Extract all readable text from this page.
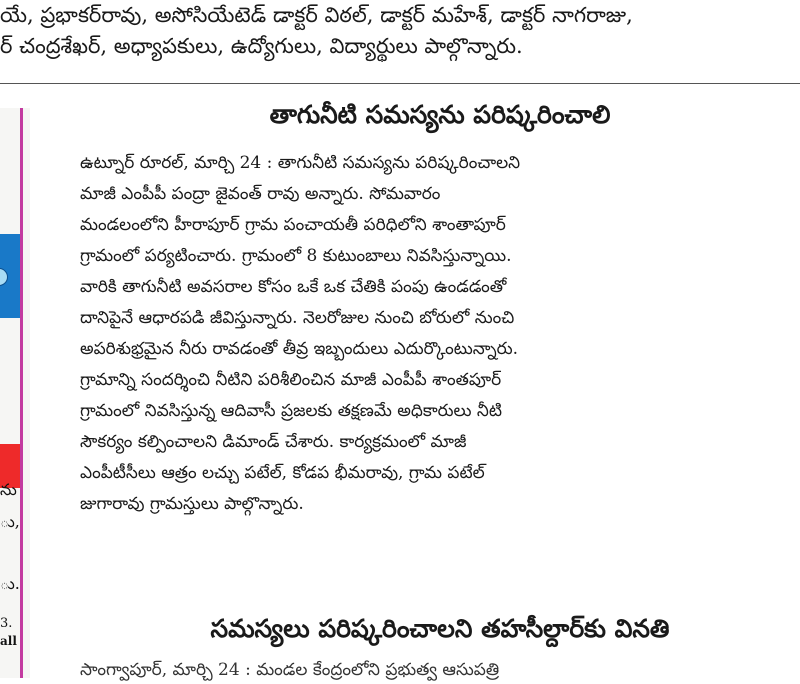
యే, ప్రభాకర్‌రావు, అసోసియేటెడ్ డాక్టర్ విఠల్, డాక్టర్ మహేశ్, డాక్టర్ నాగరాజు,
ర్ చంద్రశేఖర్, అధ్యాపకులు, ఉద్యోగులు, విద్యార్థులు పాల్గొన్నారు.
ను
ు,
ు.
3.
all
తాగునీటి సమస్యను పరిష్కరించాలి
ఉట్నూర్ రూరల్, మార్చి 24 : తాగునీటి సమస్యను పరిష్కరించాలని
మాజీ ఎంపీపీ పంద్రా జైవంత్ రావు అన్నారు. సోమవారం
మండలంలోని హీరాపూర్ గ్రామ పంచాయతీ పరిధిలోని శాంతాపూర్
గ్రామంలో పర్యటించారు. గ్రామంలో 8 కుటుంబాలు నివసిస్తున్నాయి.
వారికి తాగునీటి అవసరాల కోసం ఒకే ఒక చేతికి పంపు ఉండడంతో
దానిపైనే ఆధారపడి జీవిస్తున్నారు. నెలరోజుల నుంచి బోరులో నుంచి
అపరిశుభ్రమైన నీరు రావడంతో తీవ్ర ఇబ్బందులు ఎదుర్కొంటున్నారు.
గ్రామాన్ని సందర్శించి నీటిని పరిశీలించిన మాజీ ఎంపీపీ శాంతపూర్
గ్రామంలో నివసిస్తున్న ఆదివాసీ ప్రజలకు తక్షణమే అధికారులు నీటి
సౌకర్యం కల్పించాలని డిమాండ్ చేశారు. కార్యక్రమంలో మాజీ
ఎంపీటీసీలు ఆత్రం లచ్చు పటేల్, కోడప భీమరావు, గ్రామ పటేల్
జుగారావు గ్రామస్తులు పాల్గొన్నారు.
సమస్యలు పరిష్కరించాలని తహసీల్దార్‌కు వినతి
సాంగ్వాపూర్, మార్చి 24 : మండల కేంద్రంలోని ప్రభుత్వ ఆసుపత్రి
